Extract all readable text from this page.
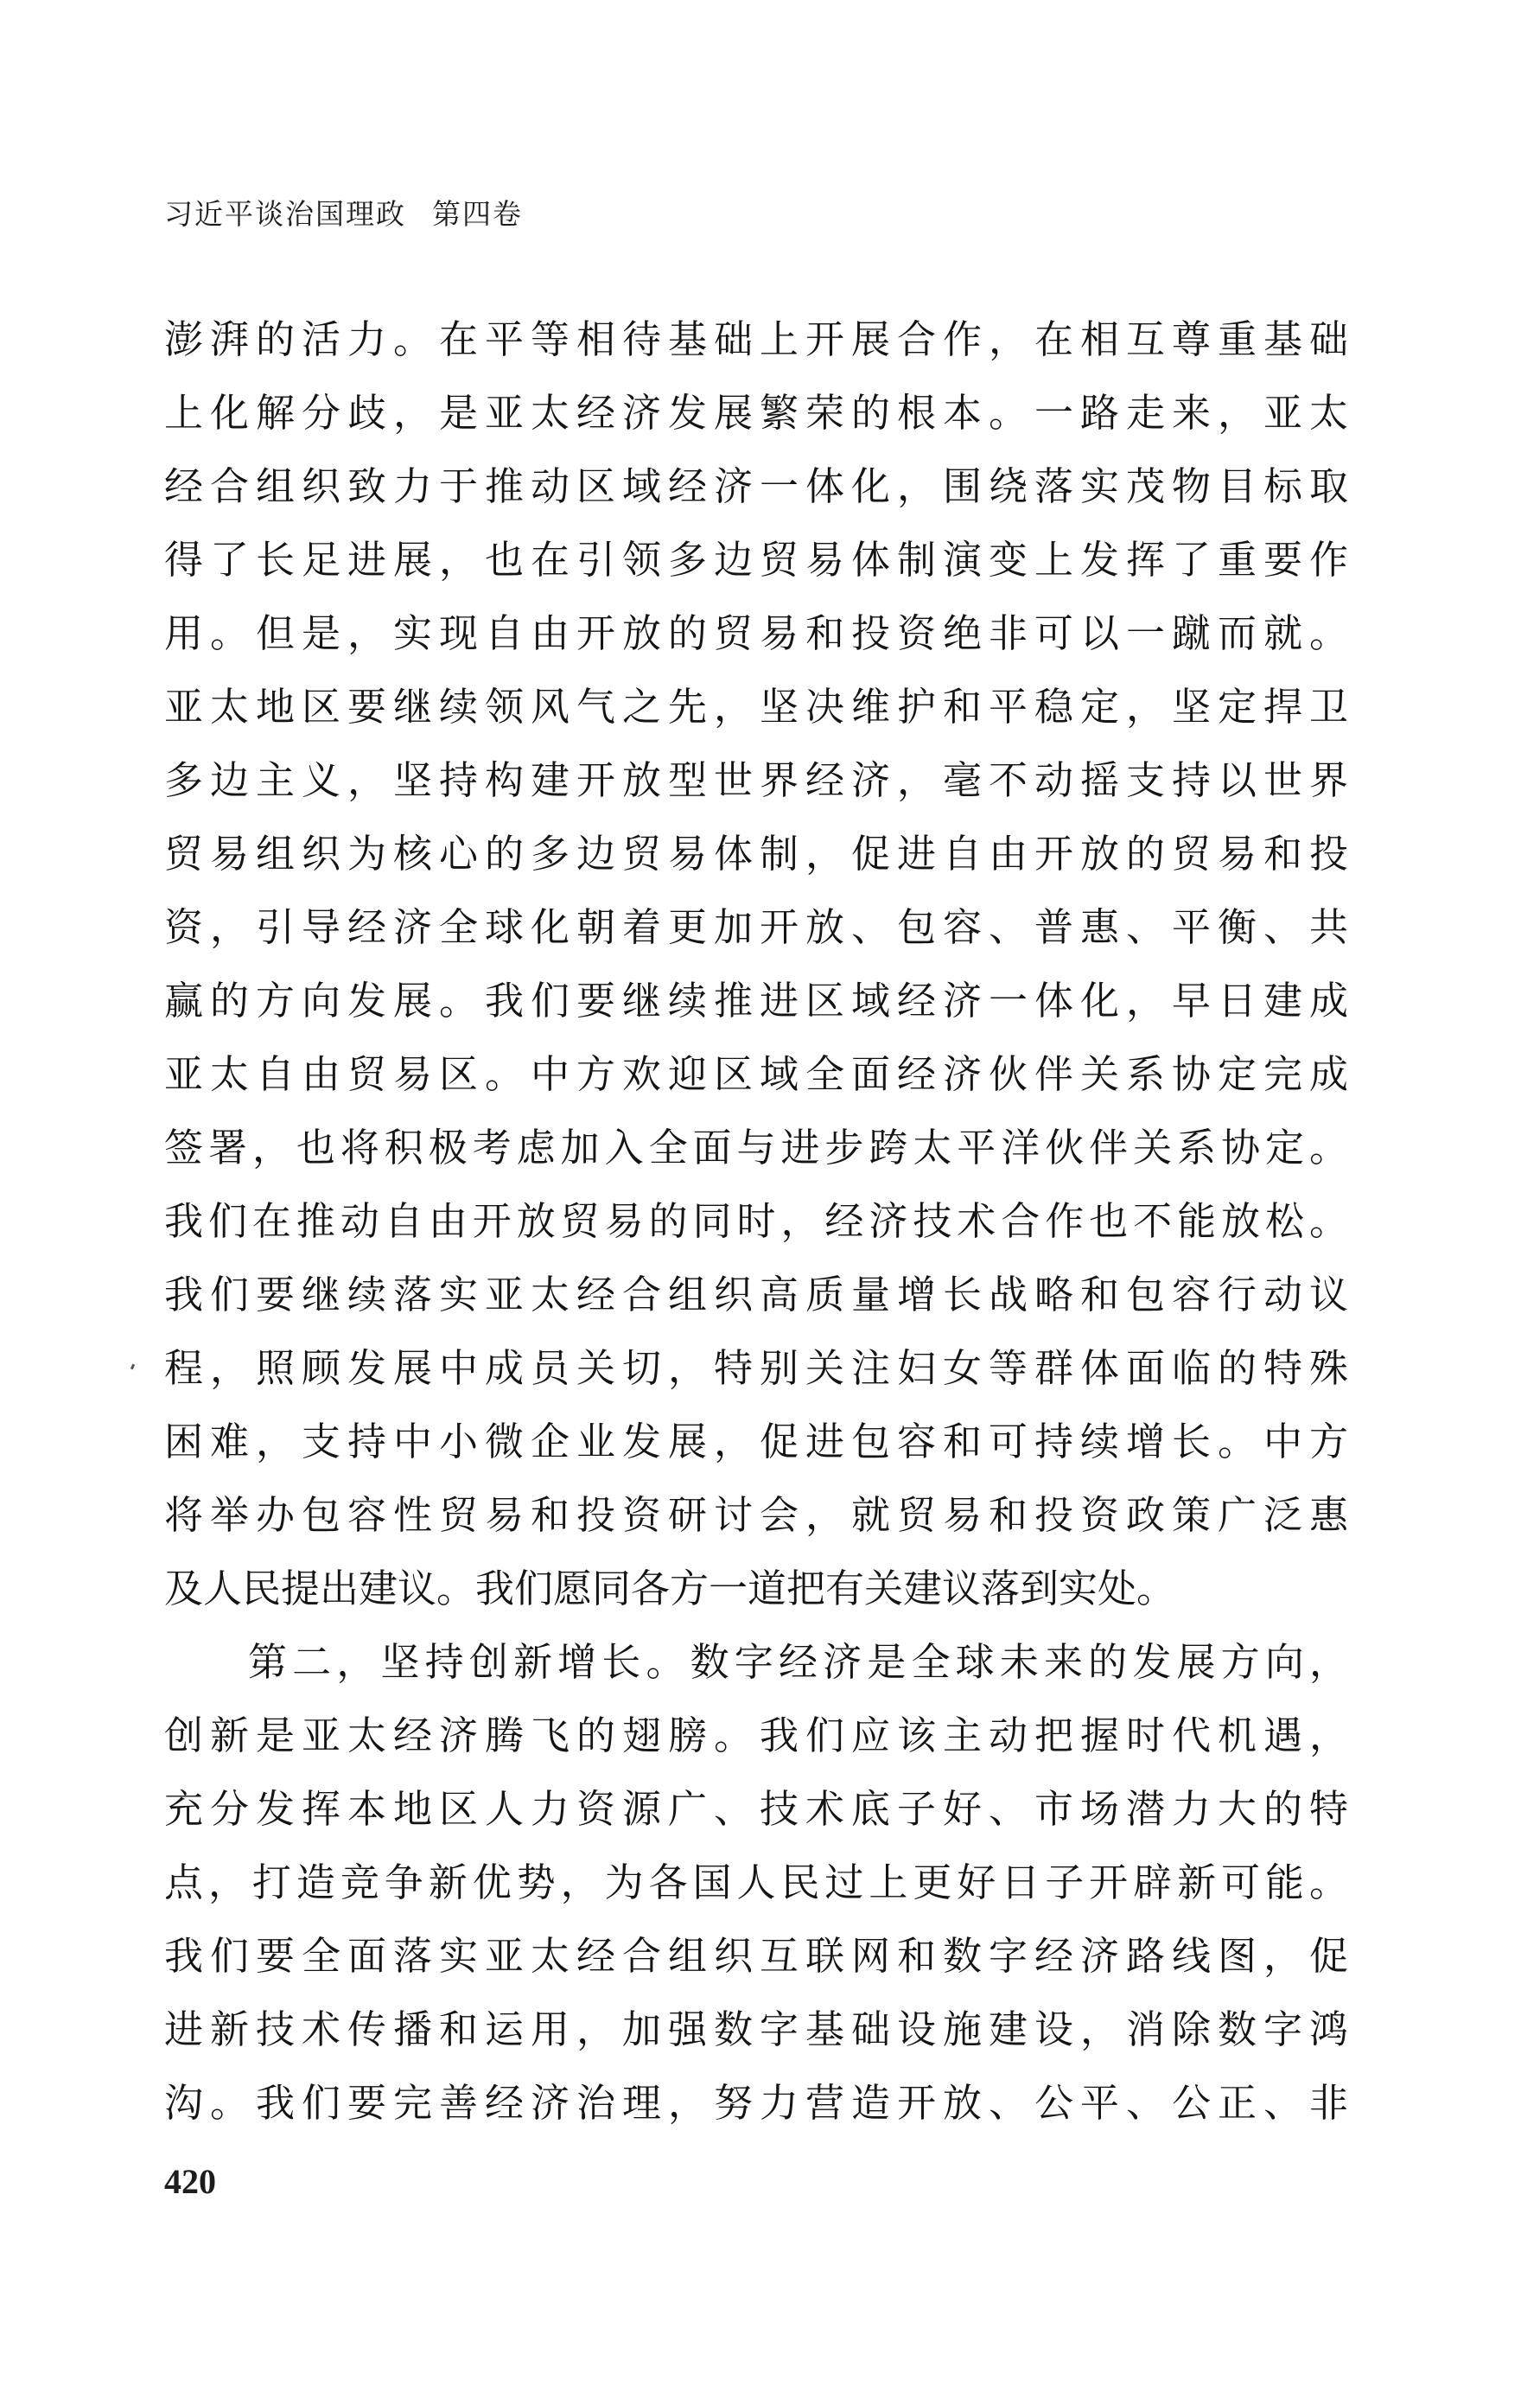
习近平谈治国理政 第四卷
澎湃的活力。在平等相待基础上开展合作，在相互尊重基础
上化解分歧，是亚太经济发展繁荣的根本。一路走来，亚太
经合组织致力于推动区域经济一体化，围绕落实茂物目标取
得了长足进展，也在引领多边贸易体制演变上发挥了重要作
用。但是，实现自由开放的贸易和投资绝非可以一蹴而就。
亚太地区要继续领风气之先，坚决维护和平稳定，坚定捍卫
多边主义，坚持构建开放型世界经济，毫不动摇支持以世界
贸易组织为核心的多边贸易体制，促进自由开放的贸易和投
资，引导经济全球化朝着更加开放、包容、普惠、平衡、共
赢的方向发展。我们要继续推进区域经济一体化，早日建成
亚太自由贸易区。中方欢迎区域全面经济伙伴关系协定完成
签署，也将积极考虑加入全面与进步跨太平洋伙伴关系协定。
我们在推动自由开放贸易的同时，经济技术合作也不能放松。
我们要继续落实亚太经合组织高质量增长战略和包容行动议
程，照顾发展中成员关切，特别关注妇女等群体面临的特殊
困难，支持中小微企业发展，促进包容和可持续增长。中方
将举办包容性贸易和投资研讨会，就贸易和投资政策广泛惠
及人民提出建议。我们愿同各方一道把有关建议落到实处。
第二，坚持创新增长。数字经济是全球未来的发展方向，
创新是亚太经济腾飞的翅膀。我们应该主动把握时代机遇，
充分发挥本地区人力资源广、技术底子好、市场潜力大的特
点，打造竞争新优势，为各国人民过上更好日子开辟新可能。
我们要全面落实亚太经合组织互联网和数字经济路线图，促
进新技术传播和运用，加强数字基础设施建设，消除数字鸿
沟。我们要完善经济治理，努力营造开放、公平、公正、非
420
